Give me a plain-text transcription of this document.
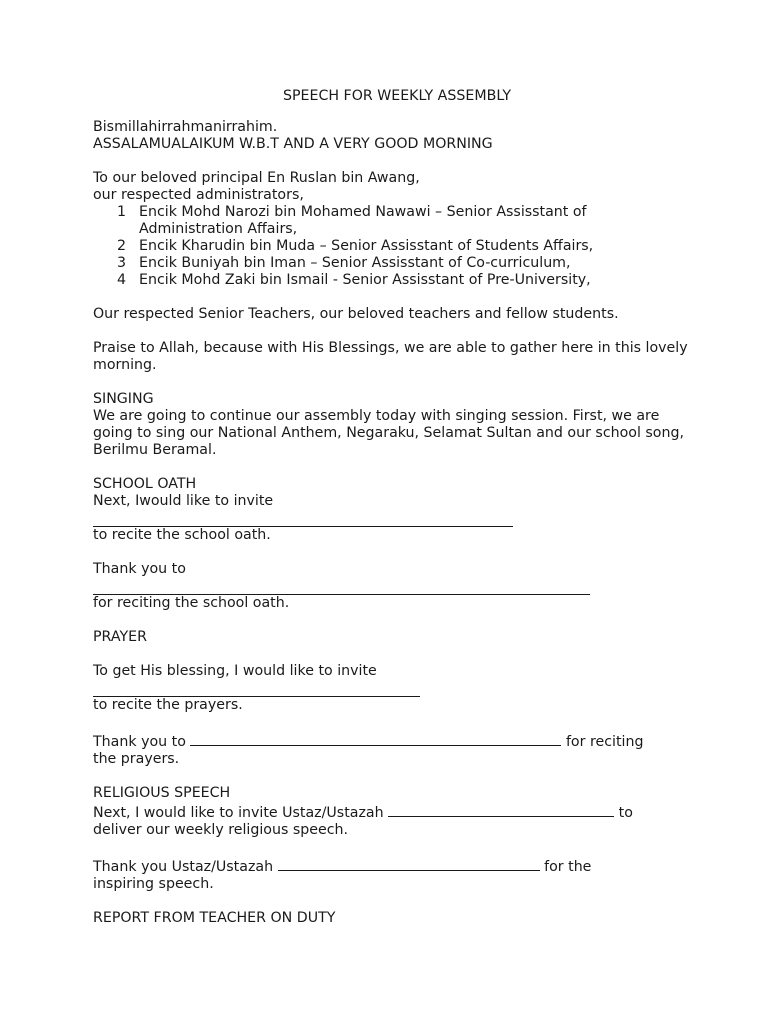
SPEECH FOR WEEKLY ASSEMBLY

Bismillahirrahmanirrahim.

ASSALAMUALAIKUM W.B.T AND A VERY GOOD MORNING

To our beloved principal En Ruslan bin Awang,

our respected administrators,

1 Encik Mohd Narozi bin Mohamed Nawawi – Senior Assisstant of Administration Affairs,
2 Encik Kharudin bin Muda – Senior Assisstant of Students Affairs,
3 Encik Buniyah bin Iman – Senior Assisstant of Co-curriculum,
4 Encik Mohd Zaki bin Ismail - Senior Assisstant of Pre-University,

Our respected Senior Teachers, our beloved teachers and fellow students.

Praise to Allah, because with His Blessings, we are able to gather here in this lovely morning.

SINGING

We are going to continue our assembly today with singing session. First, we are going to sing our National Anthem, Negaraku, Selamat Sultan and our school song, Berilmu Beramal.

SCHOOL OATH

Next, Iwould like to invite

to recite the school oath.

Thank you to

for reciting the school oath.

PRAYER

To get His blessing, I would like to invite

to recite the prayers.

Thank you to	for reciting

the prayers.

RELIGIOUS SPEECH

Next, I would like to invite Ustaz/Ustazah	to

deliver our weekly religious speech.

Thank you Ustaz/Ustazah	for the

inspiring speech.

REPORT FROM TEACHER ON DUTY
